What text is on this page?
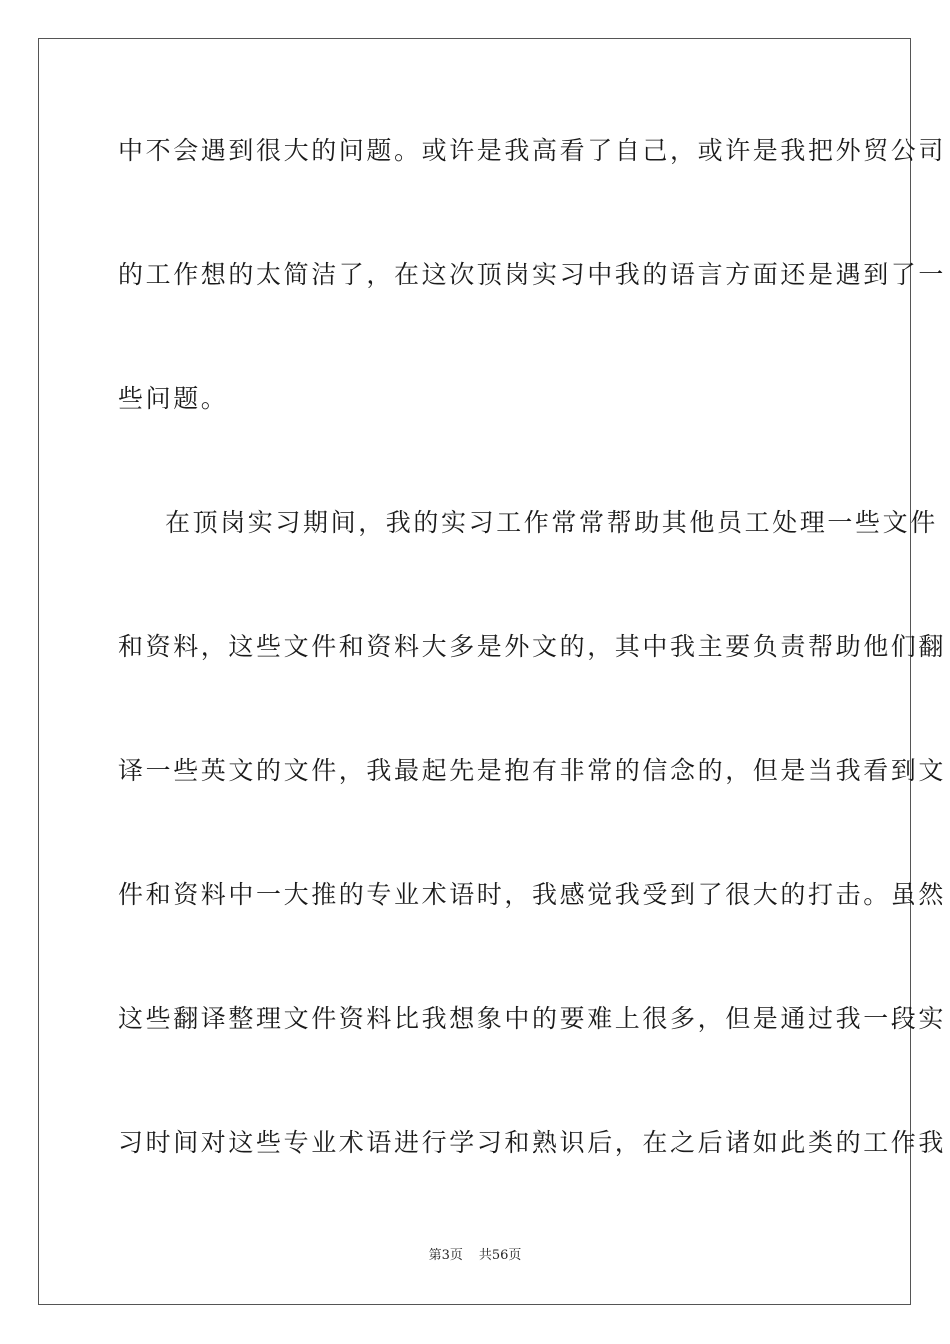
中不会遇到很大的问题。或许是我高看了自己，或许是我把外贸公司
的工作想的太简洁了，在这次顶岗实习中我的语言方面还是遇到了一
些问题。
在顶岗实习期间，我的实习工作常常帮助其他员工处理一些文件
和资料，这些文件和资料大多是外文的，其中我主要负责帮助他们翻
译一些英文的文件，我最起先是抱有非常的信念的，但是当我看到文
件和资料中一大推的专业术语时，我感觉我受到了很大的打击。虽然
这些翻译整理文件资料比我想象中的要难上很多，但是通过我一段实
习时间对这些专业术语进行学习和熟识后，在之后诸如此类的工作我
第3页 共56页
